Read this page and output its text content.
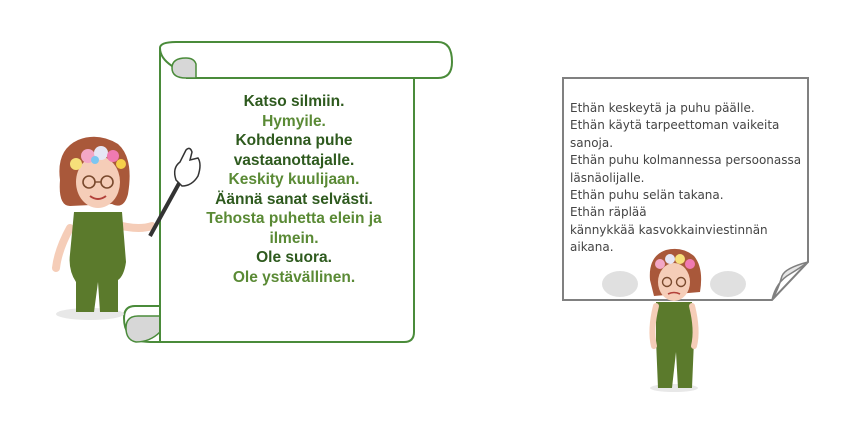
Katso silmiin.
Hymyile.
Kohdenna puhe
vastaanottajalle.
Keskity kuulijaan.
Äännä sanat selvästi.
Tehosta puhetta elein ja
ilmein.
Ole suora.
Ole ystävällinen.
Ethän keskeytä ja puhu päälle.
Ethän käytä tarpeettoman vaikeita
sanoja.
Ethän puhu kolmannessa persoonassa
läsnäolijalle.
Ethän puhu selän takana.
Ethän räplää
kännykkää kasvokkainviestinnän
aikana.
